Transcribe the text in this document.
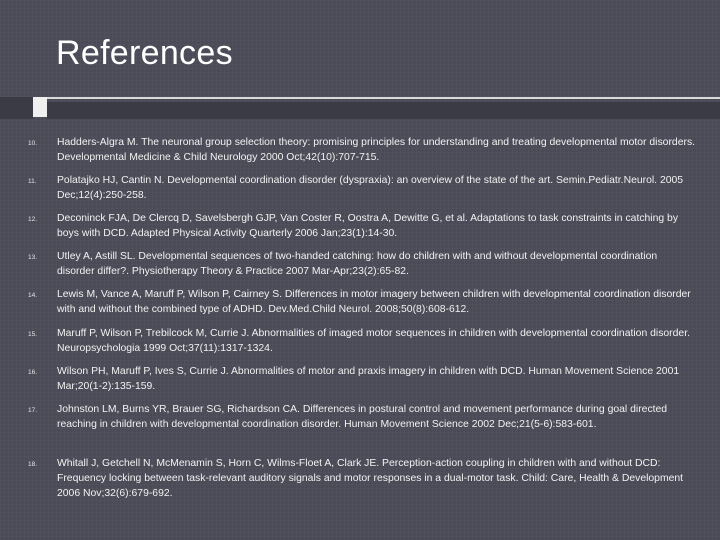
References
10. Hadders-Algra M. The neuronal group selection theory: promising principles for understanding and treating developmental motor disorders. Developmental Medicine & Child Neurology 2000 Oct;42(10):707-715.

11. Polatajko HJ, Cantin N. Developmental coordination disorder (dyspraxia): an overview of the state of the art. Semin.Pediatr.Neurol. 2005 Dec;12(4):250-258.

12. Deconinck FJA, De Clercq D, Savelsbergh GJP, Van Coster R, Oostra A, Dewitte G, et al. Adaptations to task constraints in catching by boys with DCD. Adapted Physical Activity Quarterly 2006 Jan;23(1):14-30.

13. Utley A, Astill SL. Developmental sequences of two-handed catching: how do children with and without developmental coordination disorder differ?. Physiotherapy Theory & Practice 2007 Mar-Apr;23(2):65-82.

14. Lewis M, Vance A, Maruff P, Wilson P, Cairney S. Differences in motor imagery between children with developmental coordination disorder with and without the combined type of ADHD. Dev.Med.Child Neurol. 2008;50(8):608-612.

15. Maruff P, Wilson P, Trebilcock M, Currie J. Abnormalities of imaged motor sequences in children with developmental coordination disorder. Neuropsychologia 1999 Oct;37(11):1317-1324.

16. Wilson PH, Maruff P, Ives S, Currie J. Abnormalities of motor and praxis imagery in children with DCD. Human Movement Science 2001 Mar;20(1-2):135-159.

17. Johnston LM, Burns YR, Brauer SG, Richardson CA. Differences in postural control and movement performance during goal directed reaching in children with developmental coordination disorder. Human Movement Science 2002 Dec;21(5-6):583-601.

18. Whitall J, Getchell N, McMenamin S, Horn C, Wilms-Floet A, Clark JE. Perception-action coupling in children with and without DCD: Frequency locking between task-relevant auditory signals and motor responses in a dual-motor task. Child: Care, Health & Development 2006 Nov;32(6):679-692.
